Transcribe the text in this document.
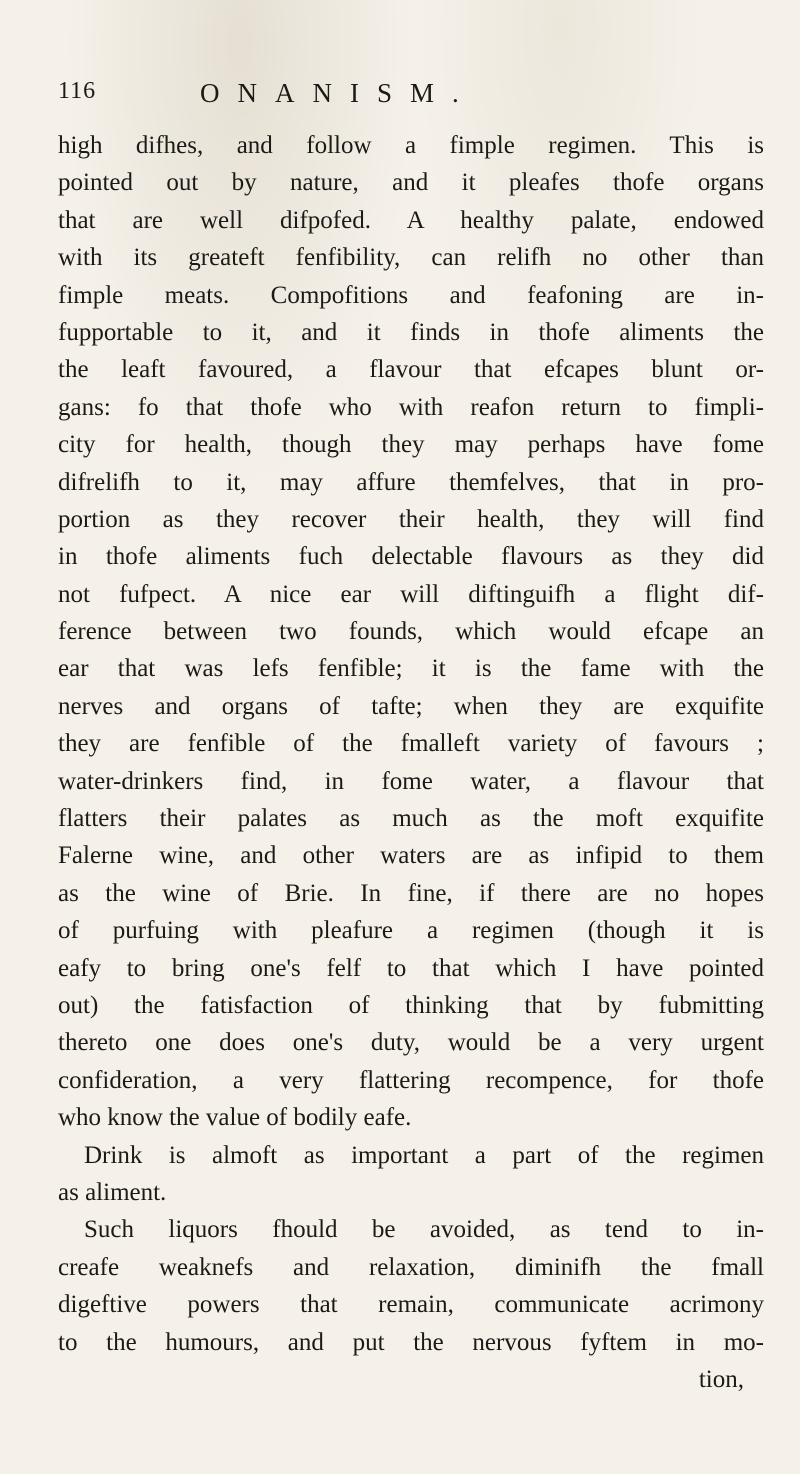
116	ONANISM.
high difhes, and follow a fimple regimen. This is
pointed out by nature, and it pleafes thofe organs
that are well difpofed. A healthy palate, endowed
with its greateft fenfibility, can relifh no other than
fimple meats. Compofitions and feafoning are in-
fupportable to it, and it finds in thofe aliments the
the leaft favoured, a flavour that efcapes blunt or-
gans: fo that thofe who with reafon return to fimpli-
city for health, though they may perhaps have fome
difrelifh to it, may affure themfelves, that in pro-
portion as they recover their health, they will find
in thofe aliments fuch delectable flavours as they did
not fufpect. A nice ear will diftinguifh a flight dif-
ference between two founds, which would efcape an
ear that was lefs fenfible; it is the fame with the
nerves and organs of tafte; when they are exquifite
they are fenfible of the fmalleft variety of favours ;
water-drinkers find, in fome water, a flavour that
flatters their palates as much as the moft exquifite
Falerne wine, and other waters are as infipid to them
as the wine of Brie. In fine, if there are no hopes
of purfuing with pleafure a regimen (though it is
eafy to bring one's felf to that which I have pointed
out) the fatisfaction of thinking that by fubmitting
thereto one does one's duty, would be a very urgent
confideration, a very flattering recompence, for thofe
who know the value of bodily eafe.
Drink is almoft as important a part of the regimen
as aliment.
Such liquors fhould be avoided, as tend to in-
creafe weaknefs and relaxation, diminifh the fmall
digeftive powers that remain, communicate acrimony
to the humours, and put the nervous fyftem in mo-
tion,
